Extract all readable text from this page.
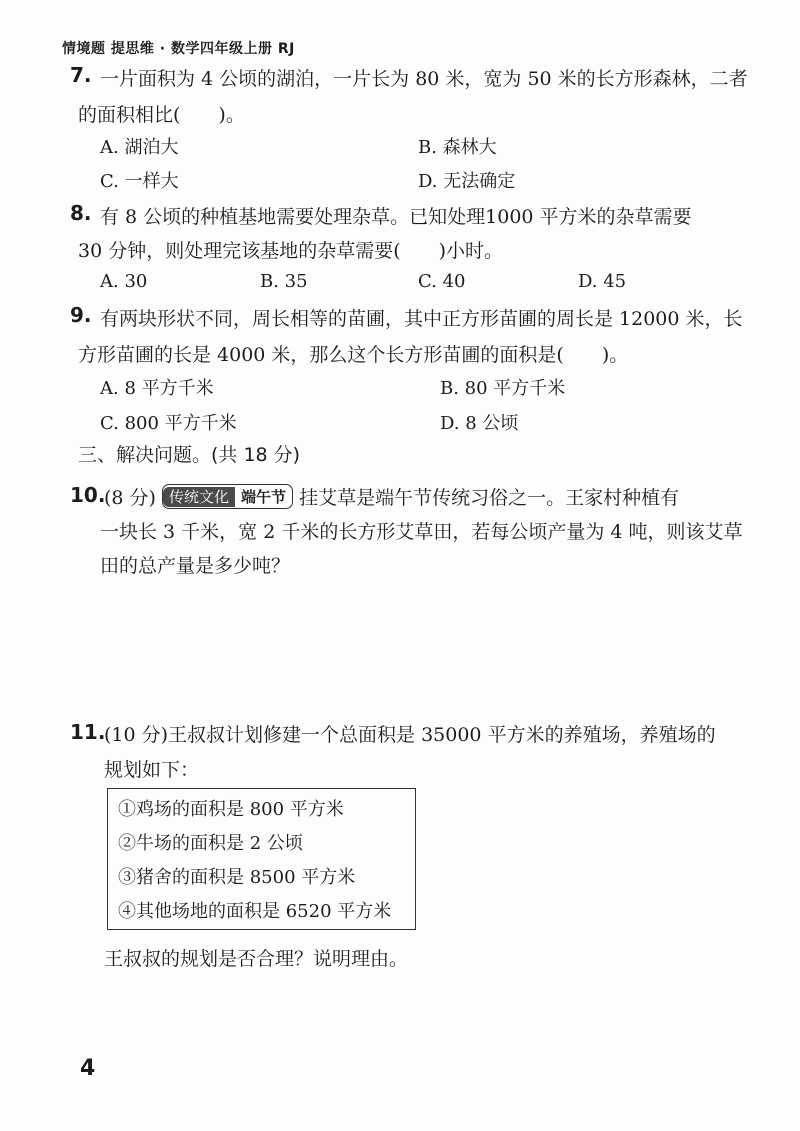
情境题 提思维 · 数学四年级上册 RJ
7. 一片面积为 4 公顷的湖泊，一片长为 80 米，宽为 50 米的长方形森林，二者
的面积相比(　　)。
A. 湖泊大	B. 森林大
C. 一样大	D. 无法确定
8. 有 8 公顷的种植基地需要处理杂草。已知处理1000 平方米的杂草需要
30 分钟，则处理完该基地的杂草需要(　　)小时。
A. 30	B. 35	C. 40	D. 45
9. 有两块形状不同，周长相等的苗圃，其中正方形苗圃的周长是 12000 米，长
方形苗圃的长是 4000 米，那么这个长方形苗圃的面积是(　　)。
A. 8 平方千米	B. 80 平方千米
C. 800 平方千米	D. 8 公顷
三、解决问题。(共 18 分)
10.
(8 分) 传统文化 端午节 挂艾草是端午节传统习俗之一。王家村种植有
一块长 3 千米，宽 2 千米的长方形艾草田，若每公顷产量为 4 吨，则该艾草
田的总产量是多少吨？
11.
(10 分)王叔叔计划修建一个总面积是 35000 平方米的养殖场，养殖场的
规划如下：
①鸡场的面积是 800 平方米
②牛场的面积是 2 公顷
③猪舍的面积是 8500 平方米
④其他场地的面积是 6520 平方米
王叔叔的规划是否合理？说明理由。
4
